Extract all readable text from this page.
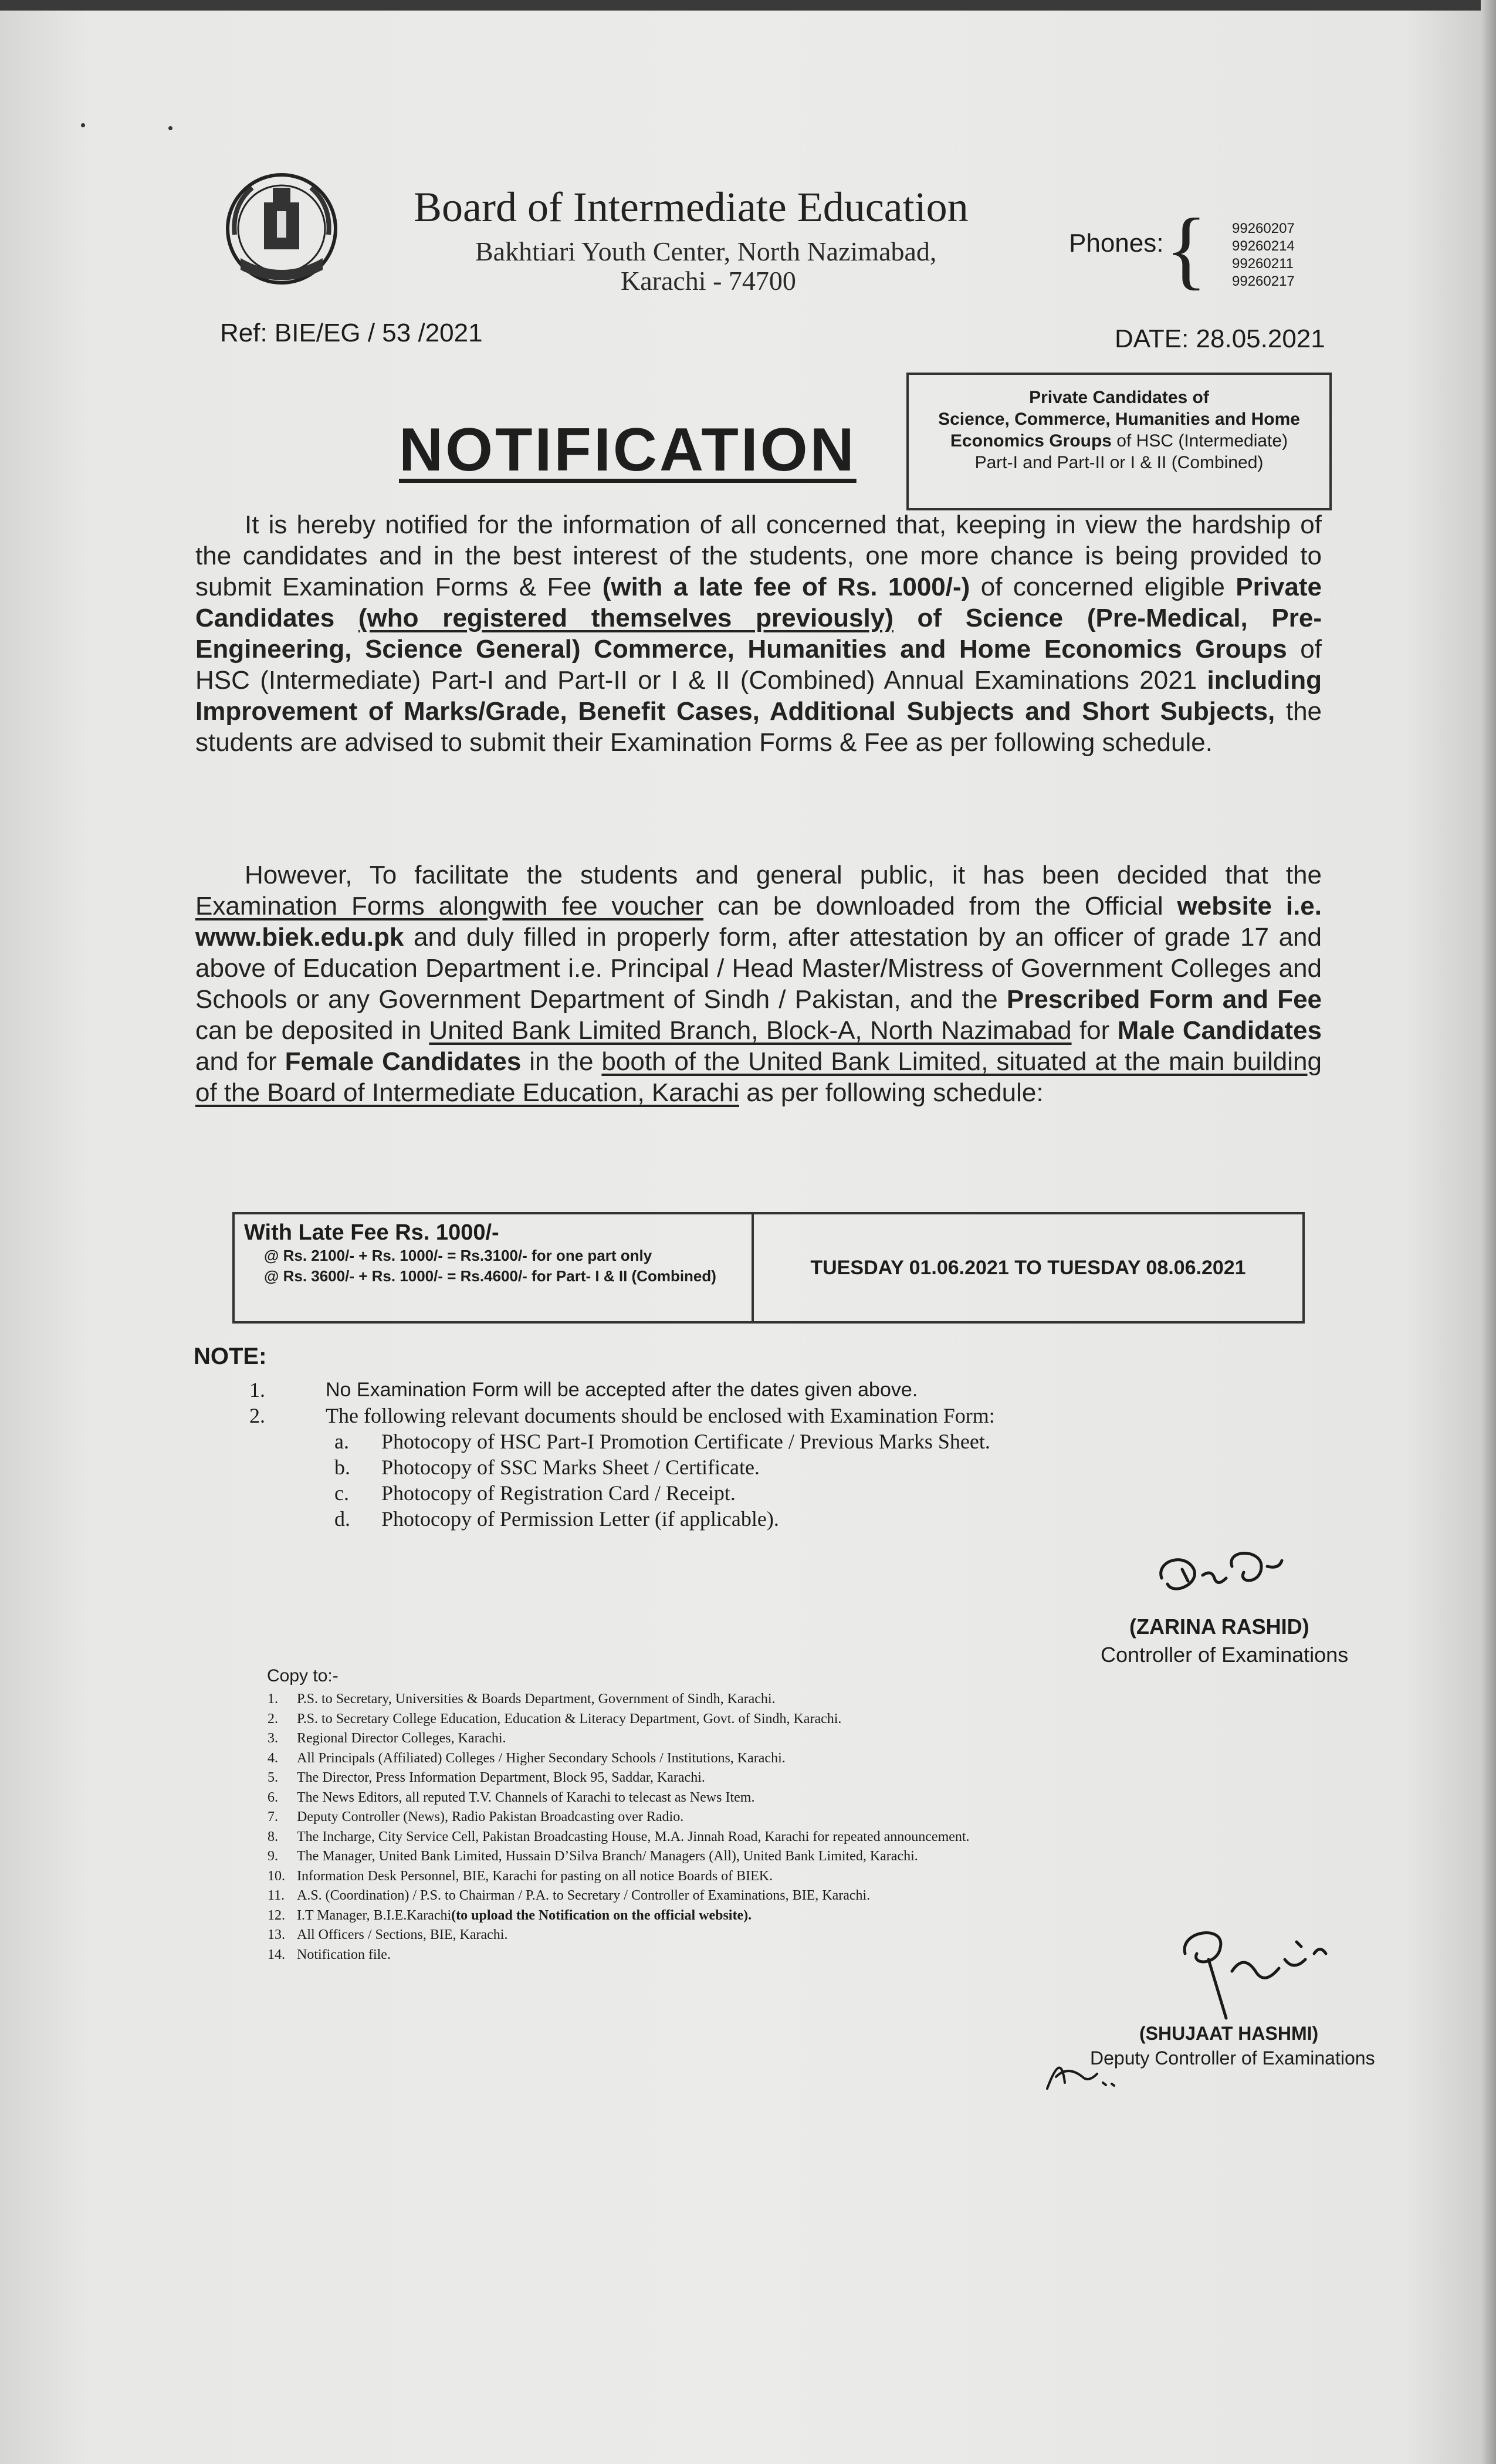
Board of Intermediate Education
Bakhtiari Youth Center, North Nazimabad,
Karachi - 74700
Phones: { 99260207
99260214
99260211
99260217
Ref: BIE/EG / 53 /2021	DATE: 28.05.2021
Private Candidates of
Science, Commerce, Humanities and Home
Economics Groups of HSC (Intermediate)
Part-I and Part-II or I & II (Combined)
NOTIFICATION

It is hereby notified for the information of all concerned that, keeping in view the hardship of the candidates and in the best interest of the students, one more chance is being provided to submit Examination Forms & Fee (with a late fee of Rs. 1000/-) of concerned eligible Private Candidates (who registered themselves previously) of Science (Pre-Medical, Pre-Engineering, Science General) Commerce, Humanities and Home Economics Groups of HSC (Intermediate) Part-I and Part-II or I & II (Combined) Annual Examinations 2021 including Improvement of Marks/Grade, Benefit Cases, Additional Subjects and Short Subjects, the students are advised to submit their Examination Forms & Fee as per following schedule.

However, To facilitate the students and general public, it has been decided that the Examination Forms alongwith fee voucher can be downloaded from the Official website i.e. www.biek.edu.pk and duly filled in properly form, after attestation by an officer of grade 17 and above of Education Department i.e. Principal / Head Master/Mistress of Government Colleges and Schools or any Government Department of Sindh / Pakistan, and the Prescribed Form and Fee can be deposited in United Bank Limited Branch, Block-A, North Nazimabad for Male Candidates and for Female Candidates in the booth of the United Bank Limited, situated at the main building of the Board of Intermediate Education, Karachi as per following schedule:

With Late Fee Rs. 1000/-
@ Rs. 2100/- + Rs. 1000/- = Rs.3100/- for one part only
@ Rs. 3600/- + Rs. 1000/- = Rs.4600/- for Part- I & II (Combined)	TUESDAY 01.06.2021 TO TUESDAY 08.06.2021
NOTE:
1.	No Examination Form will be accepted after the dates given above.
2.	The following relevant documents should be enclosed with Examination Form:
a.	Photocopy of HSC Part-I Promotion Certificate / Previous Marks Sheet.
b.	Photocopy of SSC Marks Sheet / Certificate.
c.	Photocopy of Registration Card / Receipt.
d.	Photocopy of Permission Letter (if applicable).
(ZARINA RASHID)
Controller of Examinations
Copy to:-
1.	P.S. to Secretary, Universities & Boards Department, Government of Sindh, Karachi.
2.	P.S. to Secretary College Education, Education & Literacy Department, Govt. of Sindh, Karachi.
3.	Regional Director Colleges, Karachi.
4.	All Principals (Affiliated) Colleges / Higher Secondary Schools / Institutions, Karachi.
5.	The Director, Press Information Department, Block 95, Saddar, Karachi.
6.	The News Editors, all reputed T.V. Channels of Karachi to telecast as News Item.
7.	Deputy Controller (News), Radio Pakistan Broadcasting over Radio.
8.	The Incharge, City Service Cell, Pakistan Broadcasting House, M.A. Jinnah Road, Karachi for repeated announcement.
9.	The Manager, United Bank Limited, Hussain D’Silva Branch/ Managers (All), United Bank Limited, Karachi.
10. Information Desk Personnel, BIE, Karachi for pasting on all notice Boards of BIEK.
11. A.S. (Coordination) / P.S. to Chairman / P.A. to Secretary / Controller of Examinations, BIE, Karachi.
12. I.T Manager, B.I.E.Karachi (to upload the Notification on the official website).
13. All Officers / Sections, BIE, Karachi.
14. Notification file.
(SHUJAAT HASHMI)
Deputy Controller of Examinations
